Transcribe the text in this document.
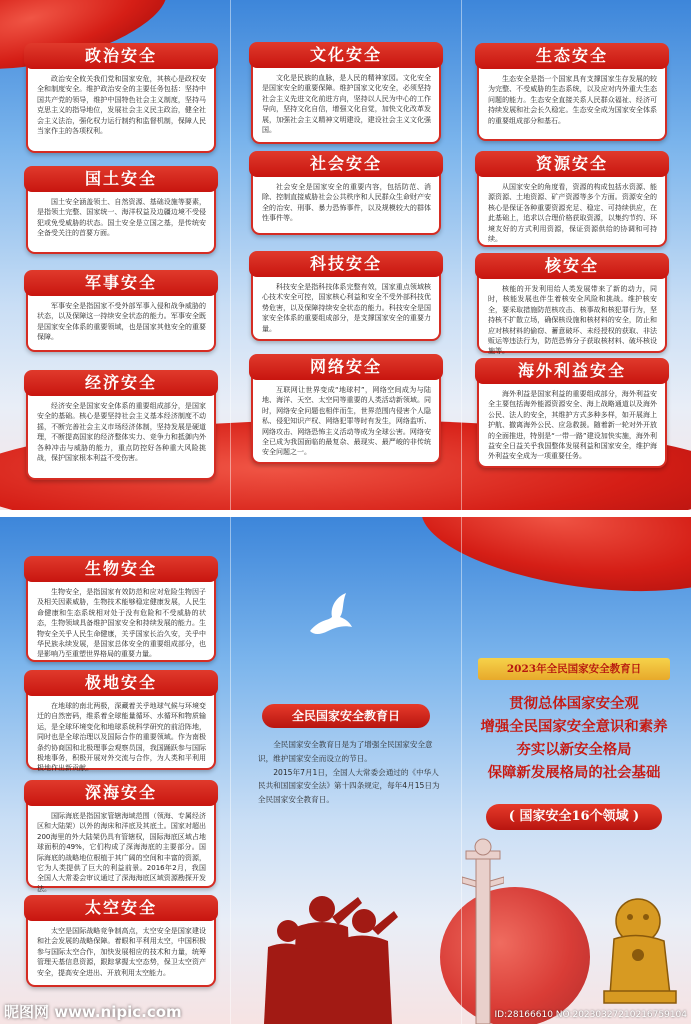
政治安全
政治安全攸关我们党和国家安危，其核心是政权安全和制度安全。维护政治安全的主要任务包括：坚持中国共产党的领导，维护中国特色社会主义制度，坚持马克思主义的指导地位，发展社会主义民主政治，健全社会主义法治，强化权力运行制约和监督机制，保障人民当家作主的各项权利。
国土安全
国土安全涵盖领土、自然资源、基础设施等要素，是指领土完整、国家统一、海洋权益及边疆边境不受侵犯或免受威胁的状态。国土安全是立国之基，是传统安全备受关注的首要方面。
军事安全
军事安全是指国家不受外部军事入侵和战争威胁的状态，以及保障这一持续安全状态的能力。军事安全既是国家安全体系的重要领域，也是国家其他安全的重要保障。
经济安全
经济安全是国家安全体系的重要组成部分，是国家安全的基础。核心是要坚持社会主义基本经济制度不动摇，不断完善社会主义市场经济体制，坚持发展是硬道理，不断提高国家的经济整体实力、竞争力和抵御内外各种冲击与威胁的能力，重点防控好各种重大风险挑战，保护国家根本利益不受伤害。
文化安全
文化是民族的血脉，是人民的精神家园。文化安全是国家安全的重要保障。维护国家文化安全，必须坚持社会主义先进文化前进方向，坚持以人民为中心的工作导向，坚持文化自信，增强文化自觉，加快文化改革发展，加强社会主义精神文明建设，建设社会主义文化强国。
社会安全
社会安全是国家安全的重要内容，包括防范、消除、控制直接威胁社会公共秩序和人民群众生命财产安全的治安、刑事、暴力恐怖事件，以及规模较大的群体性事件等。
科技安全
科技安全是指科技体系完整有效，国家重点领域核心技术安全可控，国家核心利益和安全不受外部科技优势危害，以及保障持续安全状态的能力。科技安全是国家安全体系的重要组成部分，是支撑国家安全的重要力量。
网络安全
互联网让世界变成“地球村”，网络空间成为与陆地、海洋、天空、太空同等重要的人类活动新领域。同时，网络安全问题也相伴而生，世界范围内侵害个人隐私、侵犯知识产权、网络犯罪等时有发生，网络监听、网络攻击、网络恐怖主义活动等成为全球公害。网络安全已成为我国面临的最复杂、最现实、最严峻的非传统安全问题之一。
生态安全
生态安全是指一个国家具有支撑国家生存发展的较为完整、不受威胁的生态系统，以及应对内外重大生态问题的能力。生态安全直接关系人民群众福祉、经济可持续发展和社会长久稳定。生态安全成为国家安全体系的重要组成部分和基石。
资源安全
从国家安全的角度看，资源的构成包括水资源、能源资源、土地资源、矿产资源等多个方面。资源安全的核心是保证各种重要资源充足、稳定、可持续供应，在此基础上，追求以合理价格获取资源，以集约节约、环境友好的方式利用资源，保证资源供给的协调和可持续。
核安全
核能的开发利用给人类发展带来了新的动力，同时，核能发展也伴生着核安全风险和挑战。维护核安全，要采取措施防范核攻击、核事故和核犯罪行为，坚持核不扩散立场，确保核设施和核材料的安全，防止和应对核材料的偷窃、蓄意破坏、未经授权的获取、非法贩运等违法行为，防范恐怖分子获取核材料、破坏核设施等。
海外利益安全
海外利益是国家利益的重要组成部分，海外利益安全主要包括海外能源资源安全、海上战略通道以及海外公民、法人的安全，其维护方式多种多样，如开展海上护航、撤离海外公民、应急救援。随着新一轮对外开放的全面推进，特别是“一带一路”建设加快实施，海外利益安全日益关乎我国整体发展利益和国家安全，维护海外利益安全成为一项重要任务。
生物安全
生物安全，是指国家有效防范和应对危险生物因子及相关因素威胁，生物技术能够稳定健康发展，人民生命健康和生态系统相对处于没有危险和不受威胁的状态，生物领域具备维护国家安全和持续发展的能力。生物安全关乎人民生命健康，关乎国家长治久安，关乎中华民族永续发展，是国家总体安全的重要组成部分，也是影响乃至重塑世界格局的重要力量。
极地安全
在地球的南北两极，深藏着关乎地球气候与环境变迁的自然密码，维系着全球能量循环、水循环和物质输运，是全球环境变化和地球系统科学研究的前沿阵地，同时也是全球治理以及国际合作的重要领域。作为南极条约协商国和北极理事会观察员国，我国踊跃参与国际极地事务，积极开展对外交流与合作，为人类和平利用极地作出新贡献。
深海安全
国际海底是指国家管辖海域范围（领海、专属经济区和大陆架）以外的海床和洋底及其底土。国家对超出200海里的外大陆架仍具有管辖权，国际海底区域占地球面积的49%，它们构成了深海海底的主要部分。国际海底的战略地位根植于其广阔的空间和丰富的资源，它为人类提供了巨大的利益前景。2016年2月，我国全国人大常委会审议通过了深海海底区域资源勘探开发法。
太空安全
太空是国际战略竞争制高点，太空安全是国家建设和社会发展的战略保障。着眼和平利用太空，中国积极参与国际太空合作，加快发展相应的技术和力量，统筹管理天基信息资源，跟踪掌握太空态势，保卫太空资产安全，提高安全进出、开放利用太空能力。
全民国家安全教育日

全民国家安全教育日是为了增强全民国家安全意识，维护国家安全而设立的节日。

2015年7月1日，全国人大常委会通过的《中华人民共和国国家安全法》第十四条规定，每年4月15日为全民国家安全教育日。

2023年全民国家安全教育日
贯彻总体国家安全观
增强全民国家安全意识和素养
夯实以新安全格局
保障新发展格局的社会基础
( 国家安全16个领域 )
昵图网 www.nipic.com	ID:28166610 NO:20230327210216759104
